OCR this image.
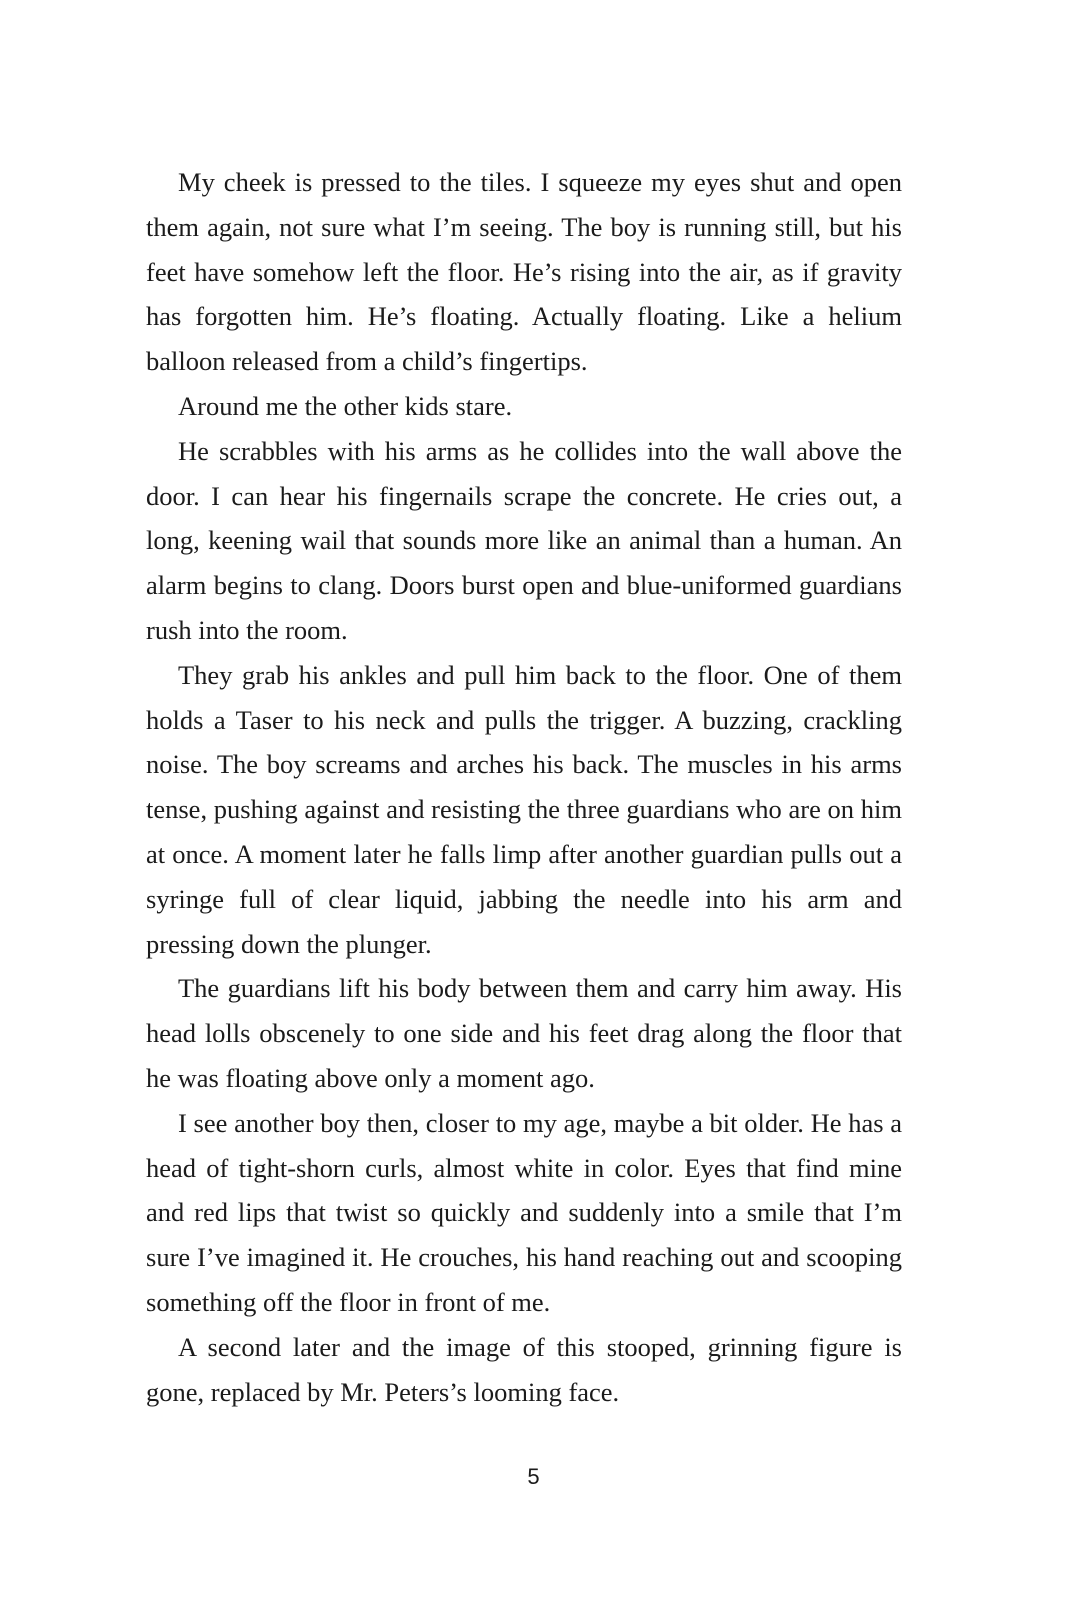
My cheek is pressed to the tiles. I squeeze my eyes shut and open them again, not sure what I’m seeing. The boy is running still, but his feet have somehow left the floor. He’s rising into the air, as if gravity has forgotten him. He’s floating. Actually floating. Like a helium balloon released from a child’s fingertips.

Around me the other kids stare.

He scrabbles with his arms as he collides into the wall above the door. I can hear his fingernails scrape the concrete. He cries out, a long, keening wail that sounds more like an animal than a human. An alarm begins to clang. Doors burst open and blue-uniformed guardians rush into the room.

They grab his ankles and pull him back to the floor. One of them holds a Taser to his neck and pulls the trigger. A buzzing, crackling noise. The boy screams and arches his back. The muscles in his arms tense, pushing against and resisting the three guardians who are on him at once. A moment later he falls limp after another guardian pulls out a syringe full of clear liquid, jabbing the needle into his arm and pressing down the plunger.

The guardians lift his body between them and carry him away. His head lolls obscenely to one side and his feet drag along the floor that he was floating above only a moment ago.

I see another boy then, closer to my age, maybe a bit older. He has a head of tight-shorn curls, almost white in color. Eyes that find mine and red lips that twist so quickly and suddenly into a smile that I’m sure I’ve imagined it. He crouches, his hand reaching out and scooping something off the floor in front of me.

A second later and the image of this stooped, grinning figure is gone, replaced by Mr. Peters’s looming face.

5
